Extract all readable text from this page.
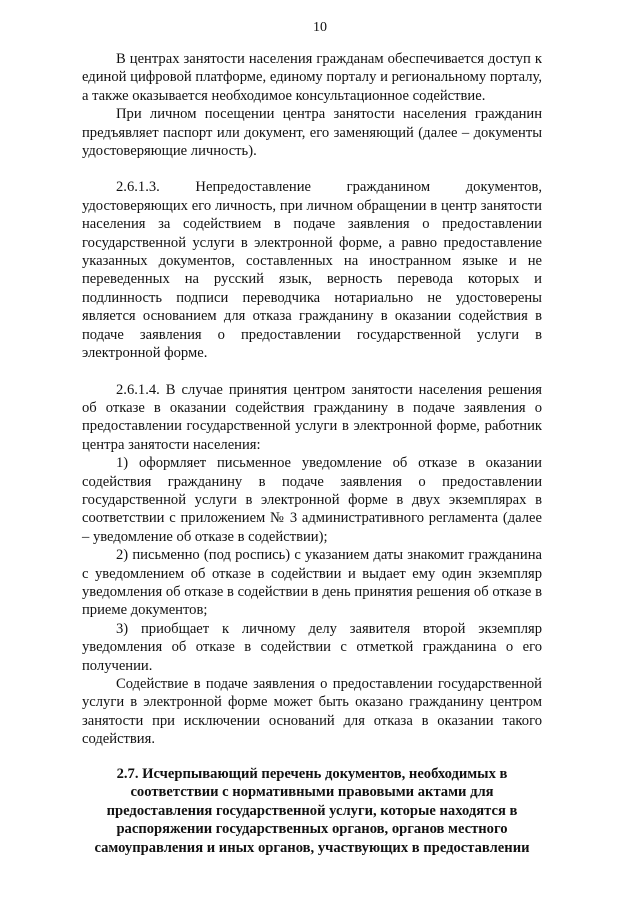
10

В центрах занятости населения гражданам обеспечивается доступ к единой цифровой платформе, единому порталу и региональному порталу, а также оказывается необходимое консультационное содействие.

При личном посещении центра занятости населения гражданин предъявляет паспорт или документ, его заменяющий (далее – документы удостоверяющие личность).

2.6.1.3. Непредоставление гражданином документов, удостоверяющих его личность, при личном обращении в центр занятости населения за содействием в подаче заявления о предоставлении государственной услуги в электронной форме, а равно предоставление указанных документов, составленных на иностранном языке и не переведенных на русский язык, верность перевода которых и подлинность подписи переводчика нотариально не удостоверены является основанием для отказа гражданину в оказании содействия в подаче заявления о предоставлении государственной услуги в электронной форме.

2.6.1.4. В случае принятия центром занятости населения решения об отказе в оказании содействия гражданину в подаче заявления о предоставлении государственной услуги в электронной форме, работник центра занятости населения:

1) оформляет письменное уведомление об отказе в оказании содействия гражданину в подаче заявления о предоставлении государственной услуги в электронной форме в двух экземплярах в соответствии с приложением № 3 административного регламента (далее – уведомление об отказе в содействии);

2) письменно (под роспись) с указанием даты знакомит гражданина с уведомлением об отказе в содействии и выдает ему один экземпляр уведомления об отказе в содействии в день принятия решения об отказе в приеме документов;

3) приобщает к личному делу заявителя второй экземпляр уведомления об отказе в содействии с отметкой гражданина о его получении.

Содействие в подаче заявления о предоставлении государственной услуги в электронной форме может быть оказано гражданину центром занятости при исключении оснований для отказа в оказании такого содействия.

2.7. Исчерпывающий перечень документов, необходимых в
соответствии с нормативными правовыми актами для
предоставления государственной услуги, которые находятся в
распоряжении государственных органов, органов местного
самоуправления и иных органов, участвующих в предоставлении
